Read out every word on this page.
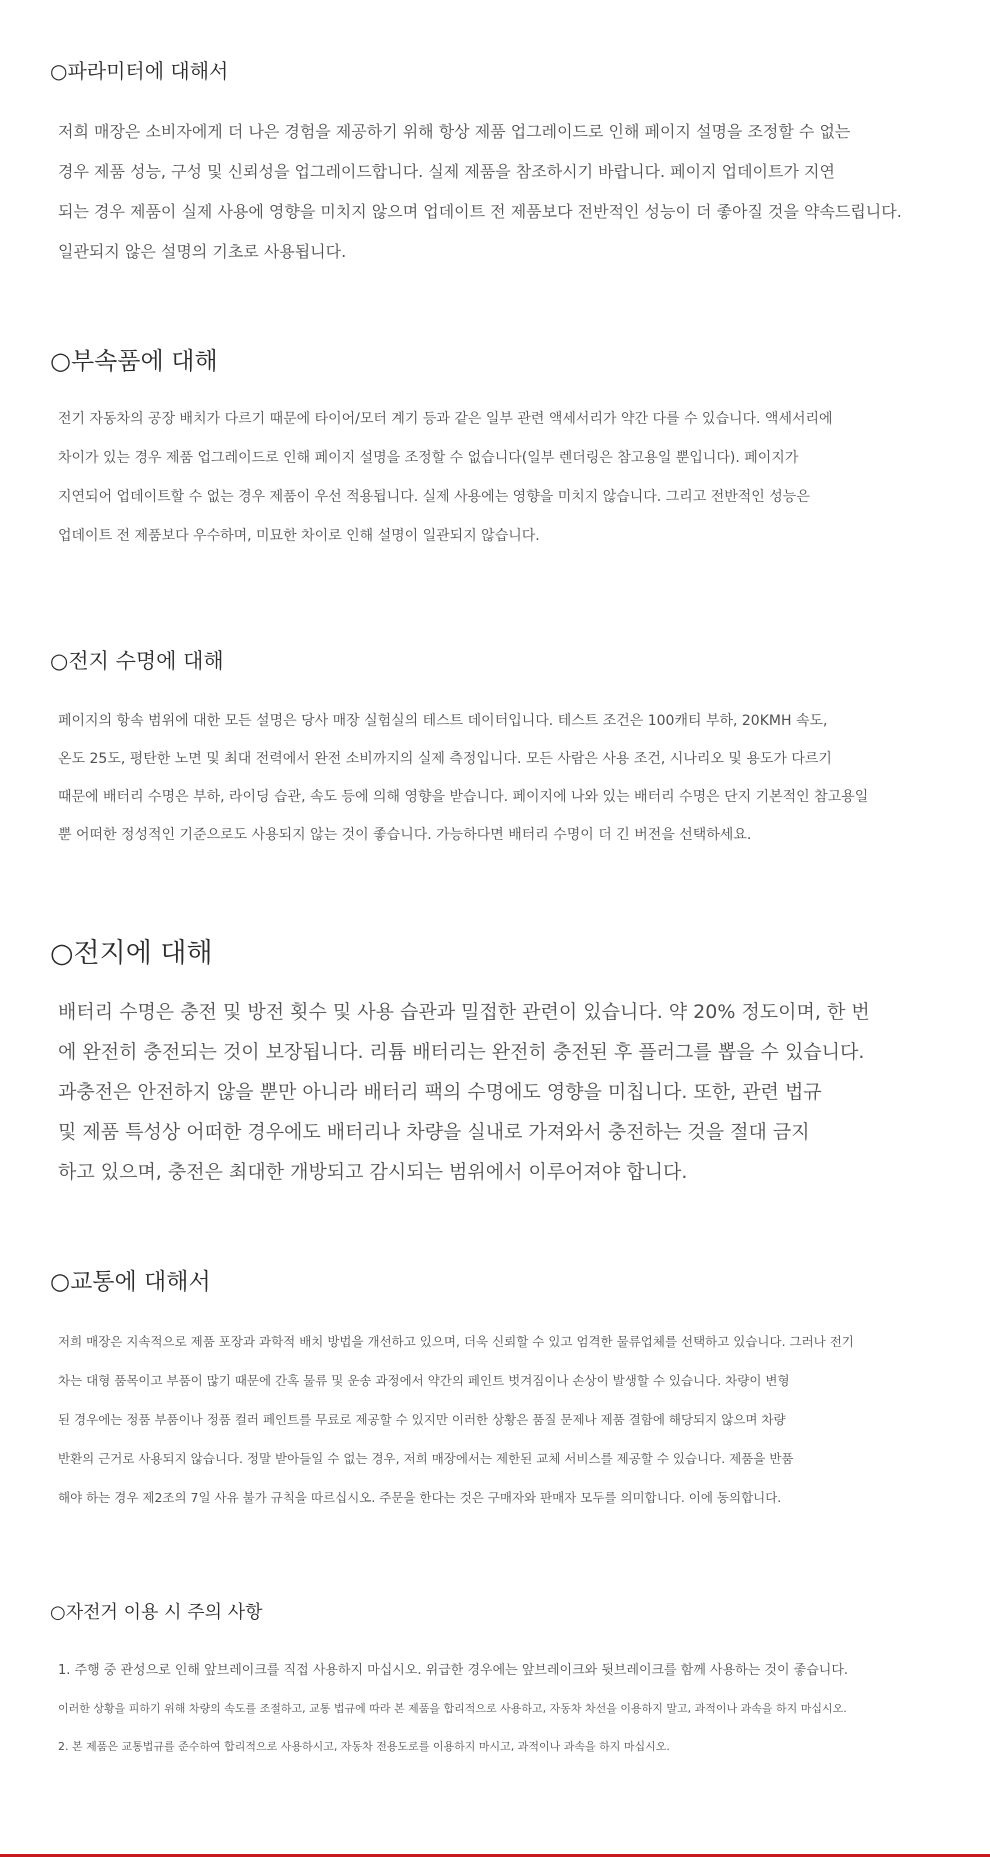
○파라미터에 대해서

저희 매장은 소비자에게 더 나은 경험을 제공하기 위해 항상 제품 업그레이드로 인해 페이지 설명을 조정할 수 없는

경우 제품 성능, 구성 및 신뢰성을 업그레이드합니다. 실제 제품을 참조하시기 바랍니다. 페이지 업데이트가 지연

되는 경우 제품이 실제 사용에 영향을 미치지 않으며 업데이트 전 제품보다 전반적인 성능이 더 좋아질 것을 약속드립니다.

일관되지 않은 설명의 기초로 사용됩니다.

○부속품에 대해

전기 자동차의 공장 배치가 다르기 때문에 타이어/모터 계기 등과 같은 일부 관련 액세서리가 약간 다를 수 있습니다. 액세서리에

차이가 있는 경우 제품 업그레이드로 인해 페이지 설명을 조정할 수 없습니다(일부 렌더링은 참고용일 뿐입니다). 페이지가

지연되어 업데이트할 수 없는 경우 제품이 우선 적용됩니다. 실제 사용에는 영향을 미치지 않습니다. 그리고 전반적인 성능은

업데이트 전 제품보다 우수하며, 미묘한 차이로 인해 설명이 일관되지 않습니다.

○전지 수명에 대해

페이지의 항속 범위에 대한 모든 설명은 당사 매장 실험실의 테스트 데이터입니다. 테스트 조건은 100캐티 부하, 20KMH 속도,

온도 25도, 평탄한 노면 및 최대 전력에서 완전 소비까지의 실제 측정입니다. 모든 사람은 사용 조건, 시나리오 및 용도가 다르기

때문에 배터리 수명은 부하, 라이딩 습관, 속도 등에 의해 영향을 받습니다. 페이지에 나와 있는 배터리 수명은 단지 기본적인 참고용일

뿐 어떠한 정성적인 기준으로도 사용되지 않는 것이 좋습니다. 가능하다면 배터리 수명이 더 긴 버전을 선택하세요.

○전지에 대해

배터리 수명은 충전 및 방전 횟수 및 사용 습관과 밀접한 관련이 있습니다. 약 20% 정도이며, 한 번

에 완전히 충전되는 것이 보장됩니다. 리튬 배터리는 완전히 충전된 후 플러그를 뽑을 수 있습니다.

과충전은 안전하지 않을 뿐만 아니라 배터리 팩의 수명에도 영향을 미칩니다. 또한, 관련 법규

및 제품 특성상 어떠한 경우에도 배터리나 차량을 실내로 가져와서 충전하는 것을 절대 금지

하고 있으며, 충전은 최대한 개방되고 감시되는 범위에서 이루어져야 합니다.

○교통에 대해서

저희 매장은 지속적으로 제품 포장과 과학적 배치 방법을 개선하고 있으며, 더욱 신뢰할 수 있고 엄격한 물류업체를 선택하고 있습니다. 그러나 전기

차는 대형 품목이고 부품이 많기 때문에 간혹 물류 및 운송 과정에서 약간의 페인트 벗겨짐이나 손상이 발생할 수 있습니다. 차량이 변형

된 경우에는 정품 부품이나 정품 컬러 페인트를 무료로 제공할 수 있지만 이러한 상황은 품질 문제나 제품 결함에 해당되지 않으며 차량

반환의 근거로 사용되지 않습니다. 정말 받아들일 수 없는 경우, 저희 매장에서는 제한된 교체 서비스를 제공할 수 있습니다. 제품을 반품

해야 하는 경우 제2조의 7일 사유 불가 규칙을 따르십시오. 주문을 한다는 것은 구매자와 판매자 모두를 의미합니다. 이에 동의합니다.

○자전거 이용 시 주의 사항

1. 주행 중 관성으로 인해 앞브레이크를 직접 사용하지 마십시오. 위급한 경우에는 앞브레이크와 뒷브레이크를 함께 사용하는 것이 좋습니다.

이러한 상황을 피하기 위해 차량의 속도를 조절하고, 교통 법규에 따라 본 제품을 합리적으로 사용하고, 자동차 차선을 이용하지 말고, 과적이나 과속을 하지 마십시오.

2. 본 제품은 교통법규를 준수하여 합리적으로 사용하시고, 자동차 전용도로를 이용하지 마시고, 과적이나 과속을 하지 마십시오.
